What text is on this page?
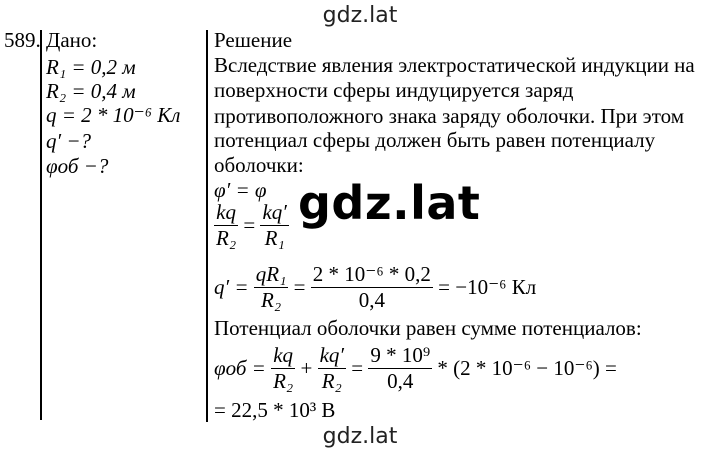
gdz.lat
589. Дано:
R₁ = 0,2 м
R₂ = 0,4 м
q = 2 * 10⁻⁶ Кл
q′ −?
φоб −?
Решение
Вследствие явления электростатической индукции на
поверхности сферы индуцируется заряд
противоположного знака заряду оболочки. При этом
потенциал сферы должен быть равен потенциалу
оболочки:
φ′ = φ
$\frac{kq}{\text{R₂}} = \frac{kq'}{\text{R₁}}$
$q' = \frac{\text{qR₁}}{\text{R₂}} = \frac{\text{2 * 10⁻⁶ * 0,2}}{0,4} = -10^{-6}$ Кл
Потенциал оболочки равен сумме потенциалов:
$\varphi об = \frac{kq}{\text{R₂}} + \frac{kq'}{\text{R₂}} = \frac{\text{9 * 10⁹}}{0,4} * (2 * 10^{-6} - 10^{-6})$ =
= 22,5 * 10³ В
gdz.lat
gdz.lat
